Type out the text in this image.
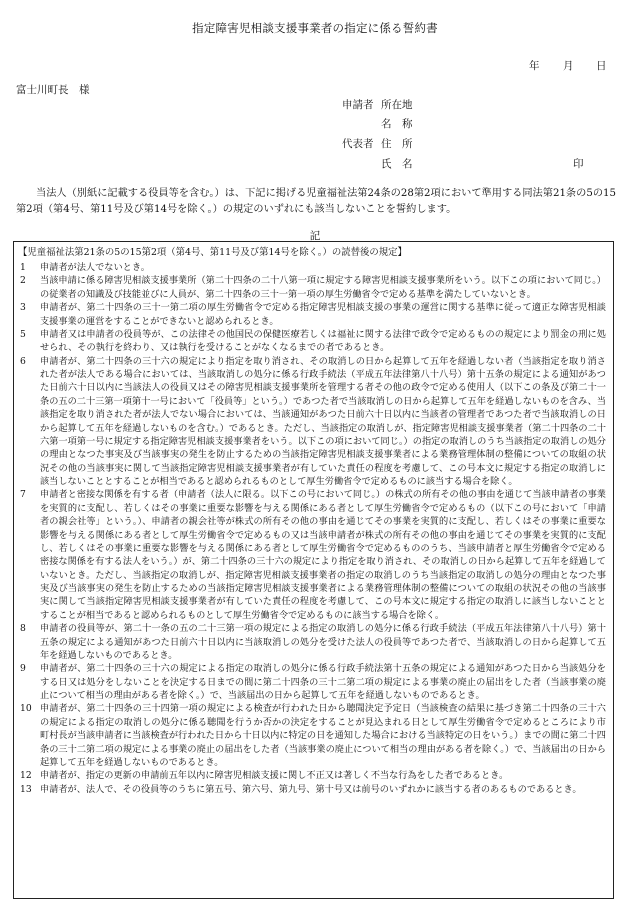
指定障害児相談支援事業者の指定に係る誓約書
年 月 日
富士川町長　様
申請者 所在地
名　称
代表者 住　所
氏　名	印
当法人（別紙に記載する役員等を含む。）は、下記に掲げる児童福祉法第24条の28第2項において準用する同法第21条の5の15第2項（第4号、第11号及び第14号を除く。）の規定のいずれにも該当しないことを誓約します。
記
【児童福祉法第21条の5の15第2項（第4号、第11号及び第14号を除く。）の読替後の規定】
1 申請者が法人でないとき。
2 当該申請に係る障害児相談支援事業所（第二十四条の二十八第一項に規定する障害児相談支援事業所をいう。以下この項において同じ。）の従業者の知識及び技能並びに人員が、第二十四条の三十一第一項の厚生労働省令で定める基準を満たしていないとき。
3 申請者が、第二十四条の三十一第二項の厚生労働省令で定める指定障害児相談支援の事業の運営に関する基準に従って適正な障害児相談支援事業の運営をすることができないと認められるとき。
5 申請者又は申請者の役員等が、この法律その他国民の保健医療若しくは福祉に関する法律で政令で定めるものの規定により罰金の刑に処せられ、その執行を終わり、又は執行を受けることがなくなるまでの者であるとき。
6 申請者が、第二十四条の三十六の規定により指定を取り消され、その取消しの日から起算して五年を経過しない者（当該指定を取り消された者が法人である場合においては、当該取消しの処分に係る行政手続法（平成五年法律第八十八号）第十五条の規定による通知があつた日前六十日以内に当該法人の役員又はその障害児相談支援事業所を管理する者その他の政令で定める使用人（以下この条及び第二十一条の五の二十三第一項第十一号において「役員等」という。）であつた者で当該取消しの日から起算して五年を経過しないものを含み、当該指定を取り消された者が法人でない場合においては、当該通知があつた日前六十日以内に当該者の管理者であつた者で当該取消しの日から起算して五年を経過しないものを含む。）であるとき。ただし、当該指定の取消しが、指定障害児相談支援事業者（第二十四条の二十六第一項第一号に規定する指定障害児相談支援事業者をいう。以下この項において同じ。）の指定の取消しのうち当該指定の取消しの処分の理由となつた事実及び当該事実の発生を防止するための当該指定障害児相談支援事業者による業務管理体制の整備についての取組の状況その他の当該事実に関して当該指定障害児相談支援事業者が有していた責任の程度を考慮して、この号本文に規定する指定の取消しに該当しないこととすることが相当であると認められるものとして厚生労働省令で定めるものに該当する場合を除く。
7 申請者と密接な関係を有する者（申請者（法人に限る。以下この号において同じ。）の株式の所有その他の事由を通じて当該申請者の事業を実質的に支配し、若しくはその事業に重要な影響を与える関係にある者として厚生労働省令で定めるもの（以下この号において「申請者の親会社等」という。）、申請者の親会社等が株式の所有その他の事由を通じてその事業を実質的に支配し、若しくはその事業に重要な影響を与える関係にある者として厚生労働省令で定めるもの又は当該申請者が株式の所有その他の事由を通じてその事業を実質的に支配し、若しくはその事業に重要な影響を与える関係にある者として厚生労働省令で定めるもののうち、当該申請者と厚生労働省令で定める密接な関係を有する法人をいう。）が、第二十四条の三十六の規定により指定を取り消され、その取消しの日から起算して五年を経過していないとき。ただし、当該指定の取消しが、指定障害児相談支援事業者の指定の取消しのうち当該指定の取消しの処分の理由となつた事実及び当該事実の発生を防止するための当該指定障害児相談支援事業者による業務管理体制の整備についての取組の状況その他の当該事実に関して当該指定障害児相談支援事業者が有していた責任の程度を考慮して、この号本文に規定する指定の取消しに該当しないこととすることが相当であると認められるものとして厚生労働省令で定めるものに該当する場合を除く。
8 申請者の役員等が、第二十一条の五の二十三第一項の規定による指定の取消しの処分に係る行政手続法（平成五年法律第八十八号）第十五条の規定による通知があつた日前六十日以内に当該取消しの処分を受けた法人の役員等であつた者で、当該取消しの日から起算して五年を経過しないものであるとき。
9 申請者が、第二十四条の三十六の規定による指定の取消しの処分に係る行政手続法第十五条の規定による通知があつた日から当該処分をする日又は処分をしないことを決定する日までの間に第二十四条の三十二第二項の規定による事業の廃止の届出をした者（当該事業の廃止について相当の理由がある者を除く。）で、当該届出の日から起算して五年を経過しないものであるとき。
10 申請者が、第二十四条の三十四第一項の規定による検査が行われた日から聴聞決定予定日（当該検査の結果に基づき第二十四条の三十六の規定による指定の取消しの処分に係る聴聞を行うか否かの決定をすることが見込まれる日として厚生労働省令で定めるところにより市町村長が当該申請者に当該検査が行われた日から十日以内に特定の日を通知した場合における当該特定の日をいう。）までの間に第二十四条の三十二第二項の規定による事業の廃止の届出をした者（当該事業の廃止について相当の理由がある者を除く。）で、当該届出の日から起算して五年を経過しないものであるとき。
12 申請者が、指定の更新の申請前五年以内に障害児相談支援に関し不正又は著しく不当な行為をした者であるとき。
13 申請者が、法人で、その役員等のうちに第五号、第六号、第九号、第十号又は前号のいずれかに該当する者のあるものであるとき。
